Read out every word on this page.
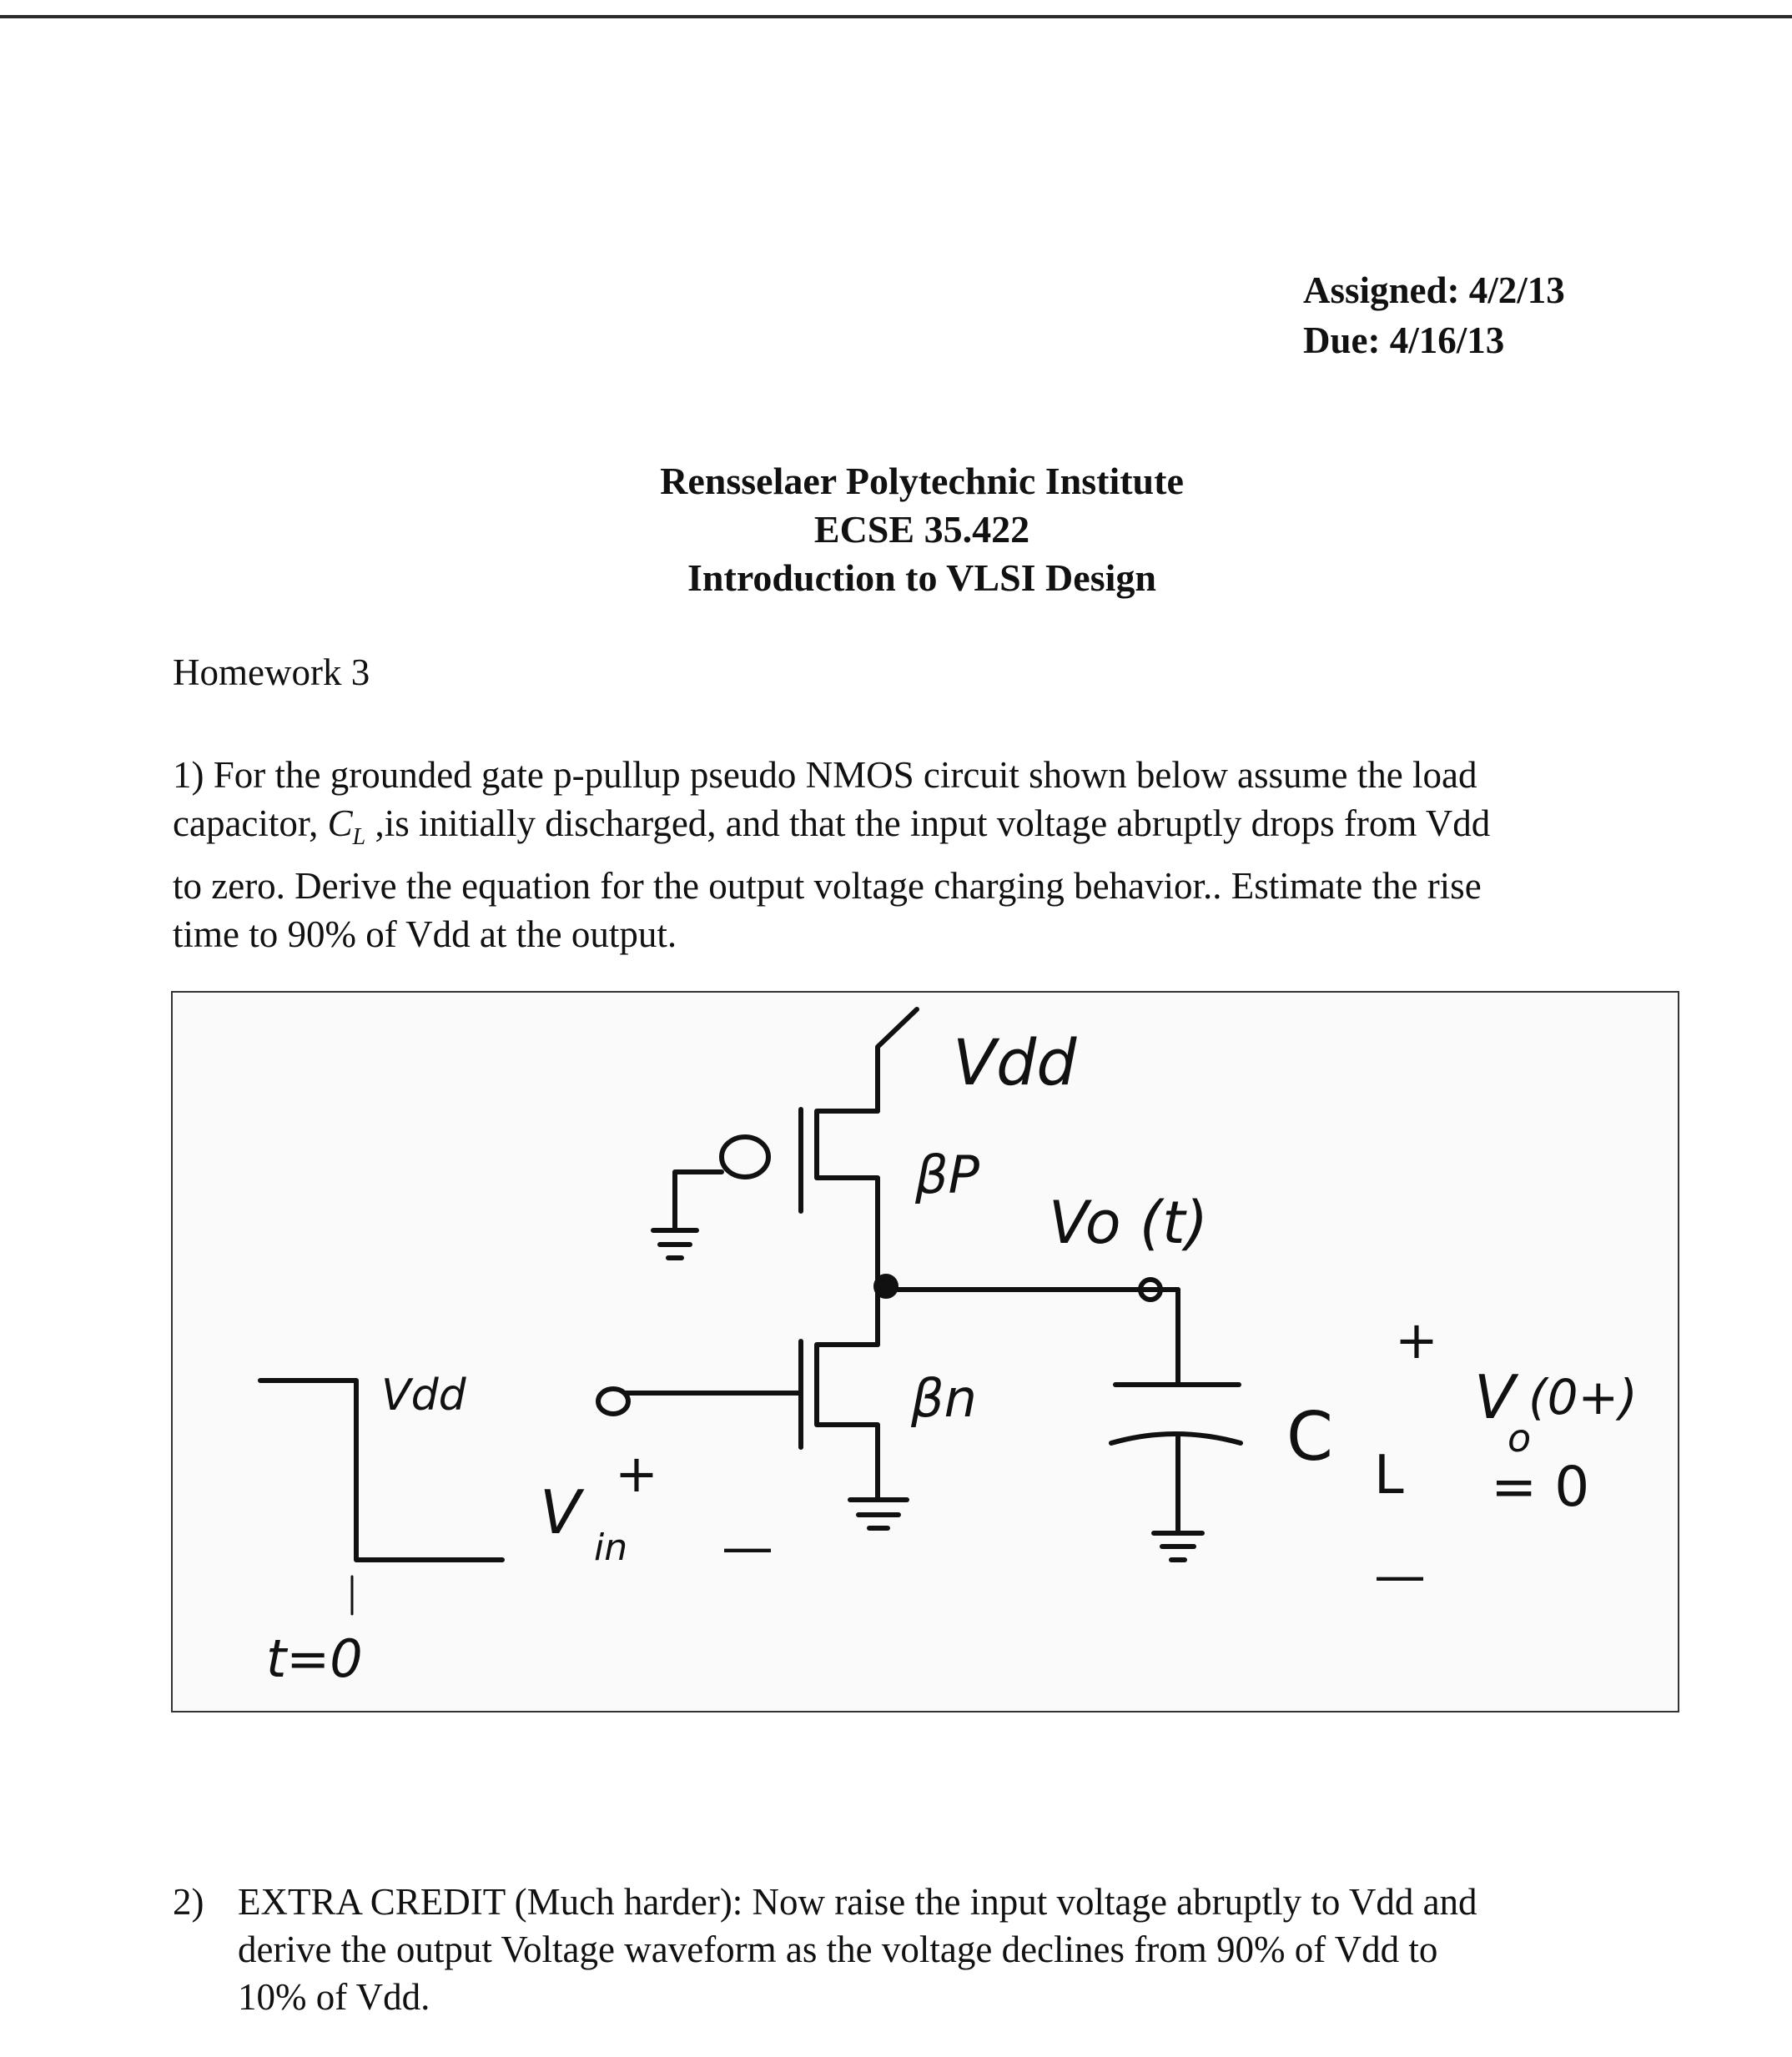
Assigned: 4/2/13
Due: 4/16/13
Rensselaer Polytechnic Institute
ECSE 35.422
Introduction to VLSI Design
Homework 3
1) For the grounded gate p-pullup pseudo NMOS circuit shown below assume the load
capacitor, $C_L$ ,is initially discharged, and that the input voltage abruptly drops from Vdd
to zero. Derive the equation for the output voltage charging behavior.. Estimate the rise
time to 90% of Vdd at the output.
Vdd
βP
Vo (t)
βn
V
in
+
—
Vdd
t=0
+
C L
—
V
o
(0+)
= 0
2) EXTRA CREDIT (Much harder): Now raise the input voltage abruptly to Vdd and
derive the output Voltage waveform as the voltage declines from 90% of Vdd to
10% of Vdd.
